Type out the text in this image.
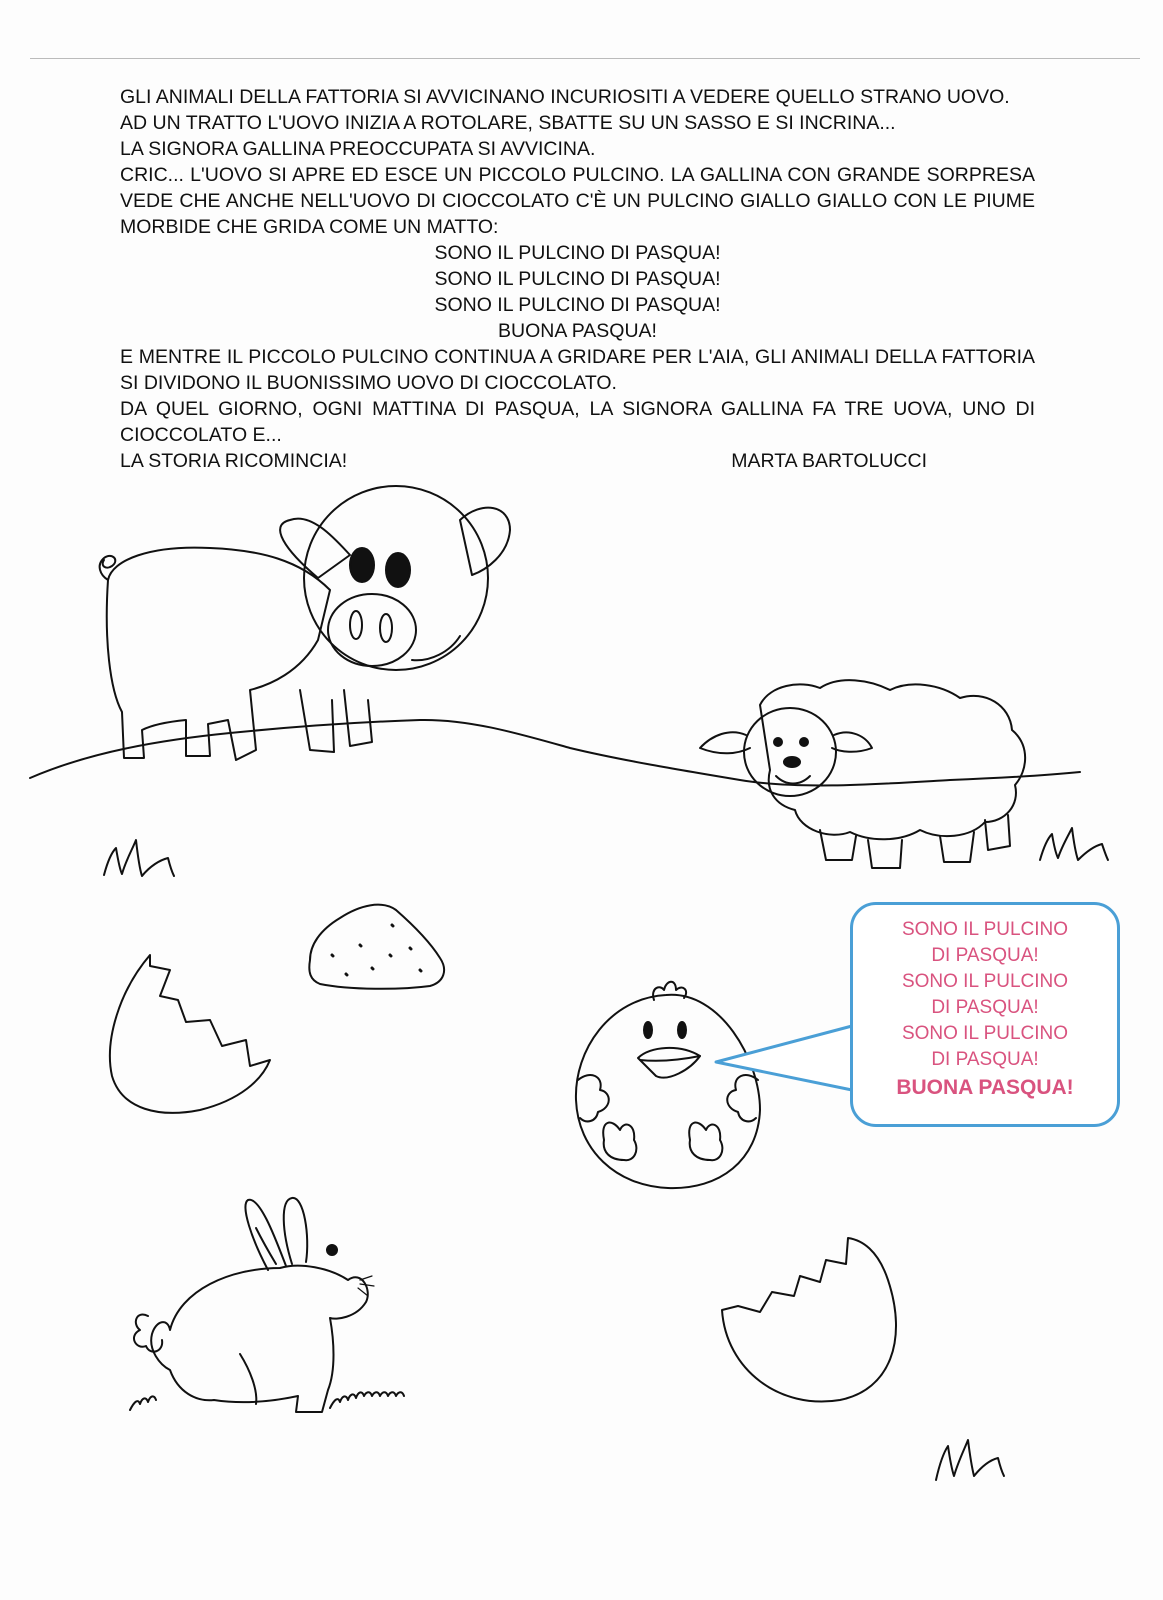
GLI ANIMALI DELLA FATTORIA SI AVVICINANO INCURIOSITI A VEDERE QUELLO STRANO UOVO.
AD UN TRATTO L'UOVO INIZIA A ROTOLARE, SBATTE SU UN SASSO E SI INCRINA...
LA SIGNORA GALLINA PREOCCUPATA SI AVVICINA.
CRIC... L'UOVO SI APRE ED ESCE UN PICCOLO PULCINO. LA GALLINA CON GRANDE SORPRESA VEDE CHE ANCHE NELL'UOVO DI CIOCCOLATO C'È UN PULCINO GIALLO GIALLO CON LE PIUME MORBIDE CHE GRIDA COME UN MATTO:

SONO IL PULCINO DI PASQUA!
SONO IL PULCINO DI PASQUA!
SONO IL PULCINO DI PASQUA!
BUONA PASQUA!

E MENTRE IL PICCOLO PULCINO CONTINUA A GRIDARE PER L'AIA, GLI ANIMALI DELLA FATTORIA SI DIVIDONO IL BUONISSIMO UOVO DI CIOCCOLATO.
DA QUEL GIORNO, OGNI MATTINA DI PASQUA, LA SIGNORA GALLINA FA TRE UOVA, UNO DI CIOCCOLATO E...

LA STORIA RICOMINCIA!	MARTA BARTOLUCCI

SONO IL PULCINO
DI PASQUA!
SONO IL PULCINO
DI PASQUA!
SONO IL PULCINO
DI PASQUA!
BUONA PASQUA!
